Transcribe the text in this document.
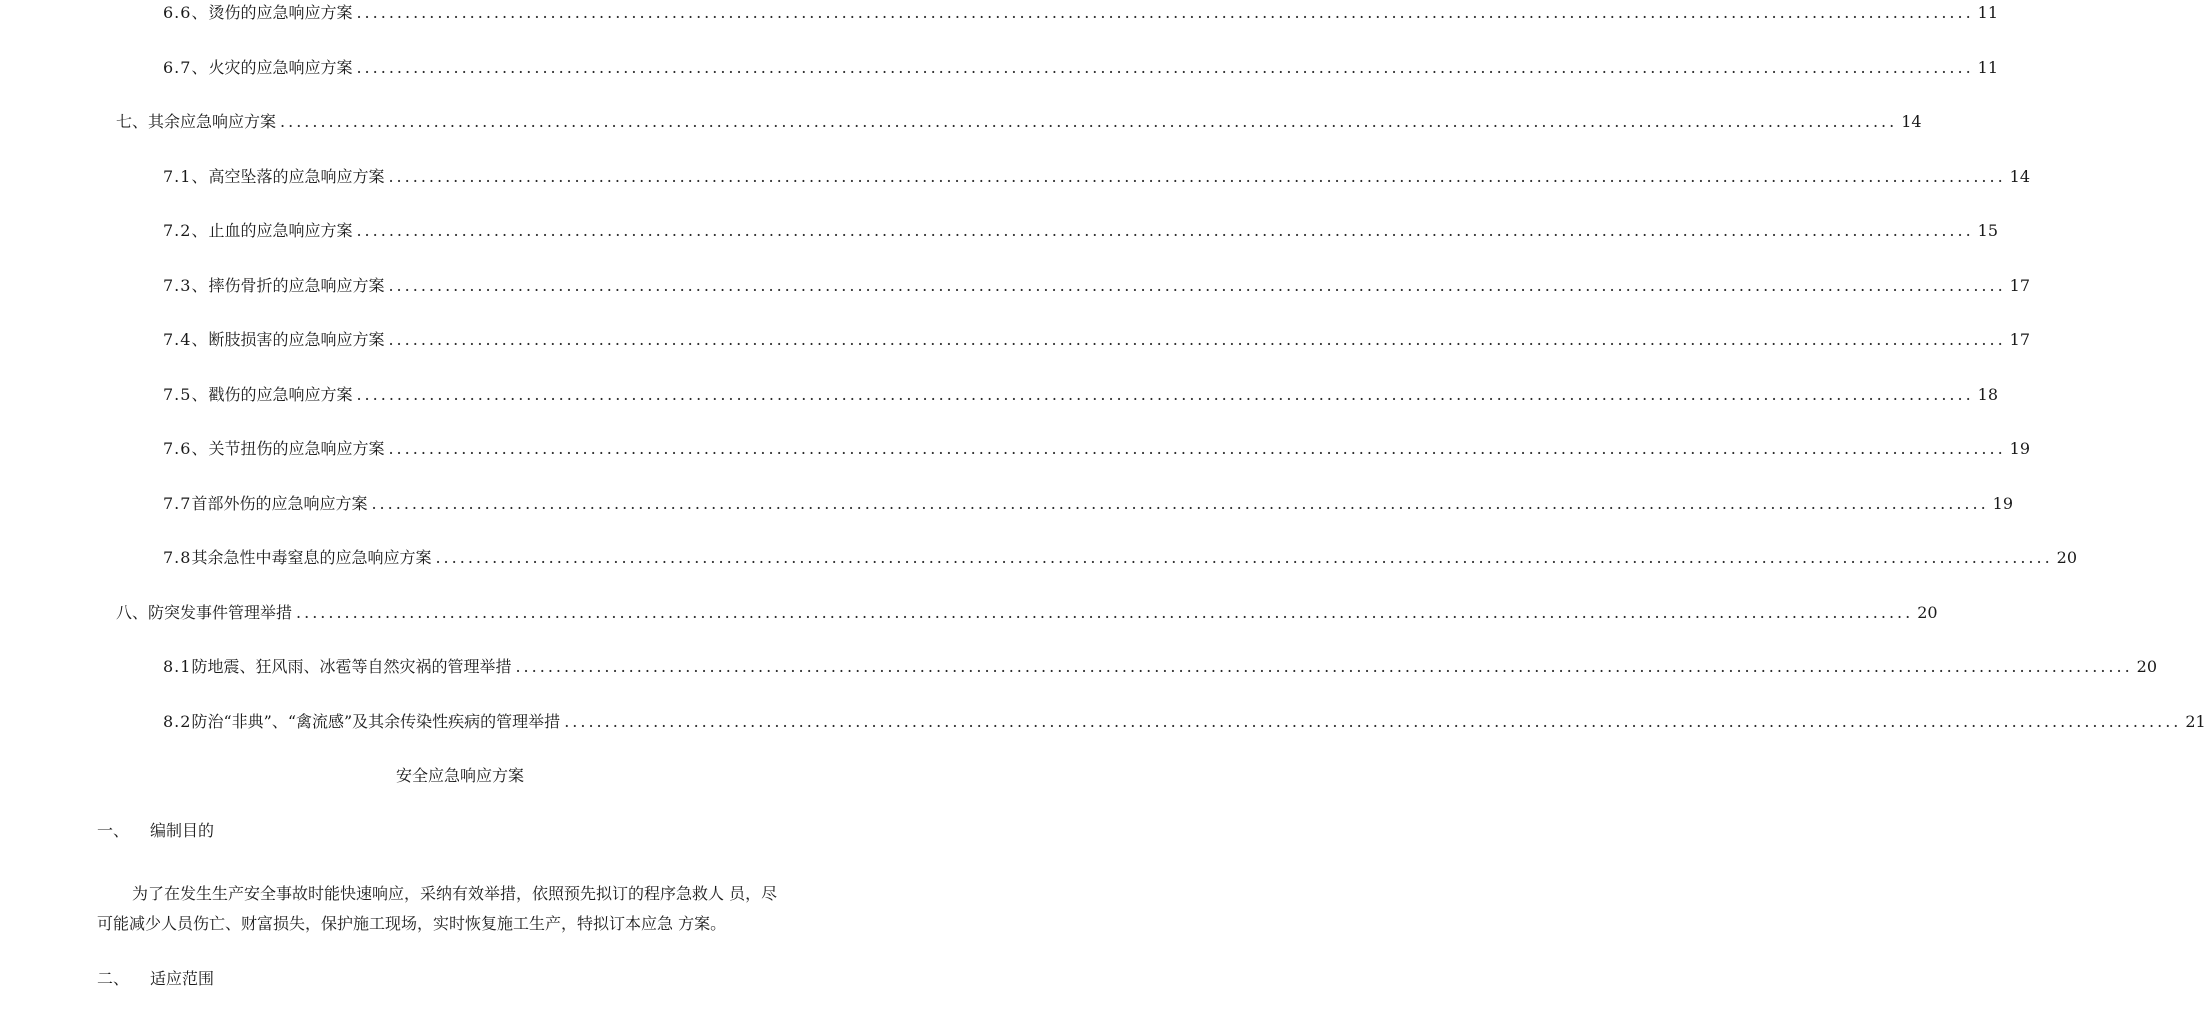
6.6、 烫伤的应急响应方案 ........................................................................................................................................................................................................ 11
6.7、 火灾的应急响应方案 ........................................................................................................................................................................................................ 11
七、其余应急响应方案 ........................................................................................................................................................................................................ 14
7.1、 高空坠落的应急响应方案 ........................................................................................................................................................................................................ 14
7.2、 止血的应急响应方案 ........................................................................................................................................................................................................ 15
7.3、 摔伤骨折的应急响应方案 ........................................................................................................................................................................................................ 17
7.4、 断肢损害的应急响应方案 ........................................................................................................................................................................................................ 17
7.5、 戳伤的应急响应方案 ........................................................................................................................................................................................................ 18
7.6、 关节扭伤的应急响应方案 ........................................................................................................................................................................................................ 19
7.7 首部外伤的应急响应方案 ........................................................................................................................................................................................................ 19
7.8 其余急性中毒窒息的应急响应方案 ........................................................................................................................................................................................................ 20
八、防突发事件管理举措 ........................................................................................................................................................................................................ 20
8.1 防地震、狂风雨、冰雹等自然灾祸的管理举措 ........................................................................................................................................................................................................ 20
8.2 防治“非典”、“禽流感”及其余传染性疾病的管理举措 ........................................................................................................................................................................................................ 21
安全应急响应方案
一、	编制目的
为了在发生生产安全事故时能快速响应，采纳有效举措，依照预先拟订的程序急救人 员，尽
可能减少人员伤亡、财富损失，保护施工现场，实时恢复施工生产，特拟订本应急 方案。
二、	适应范围
